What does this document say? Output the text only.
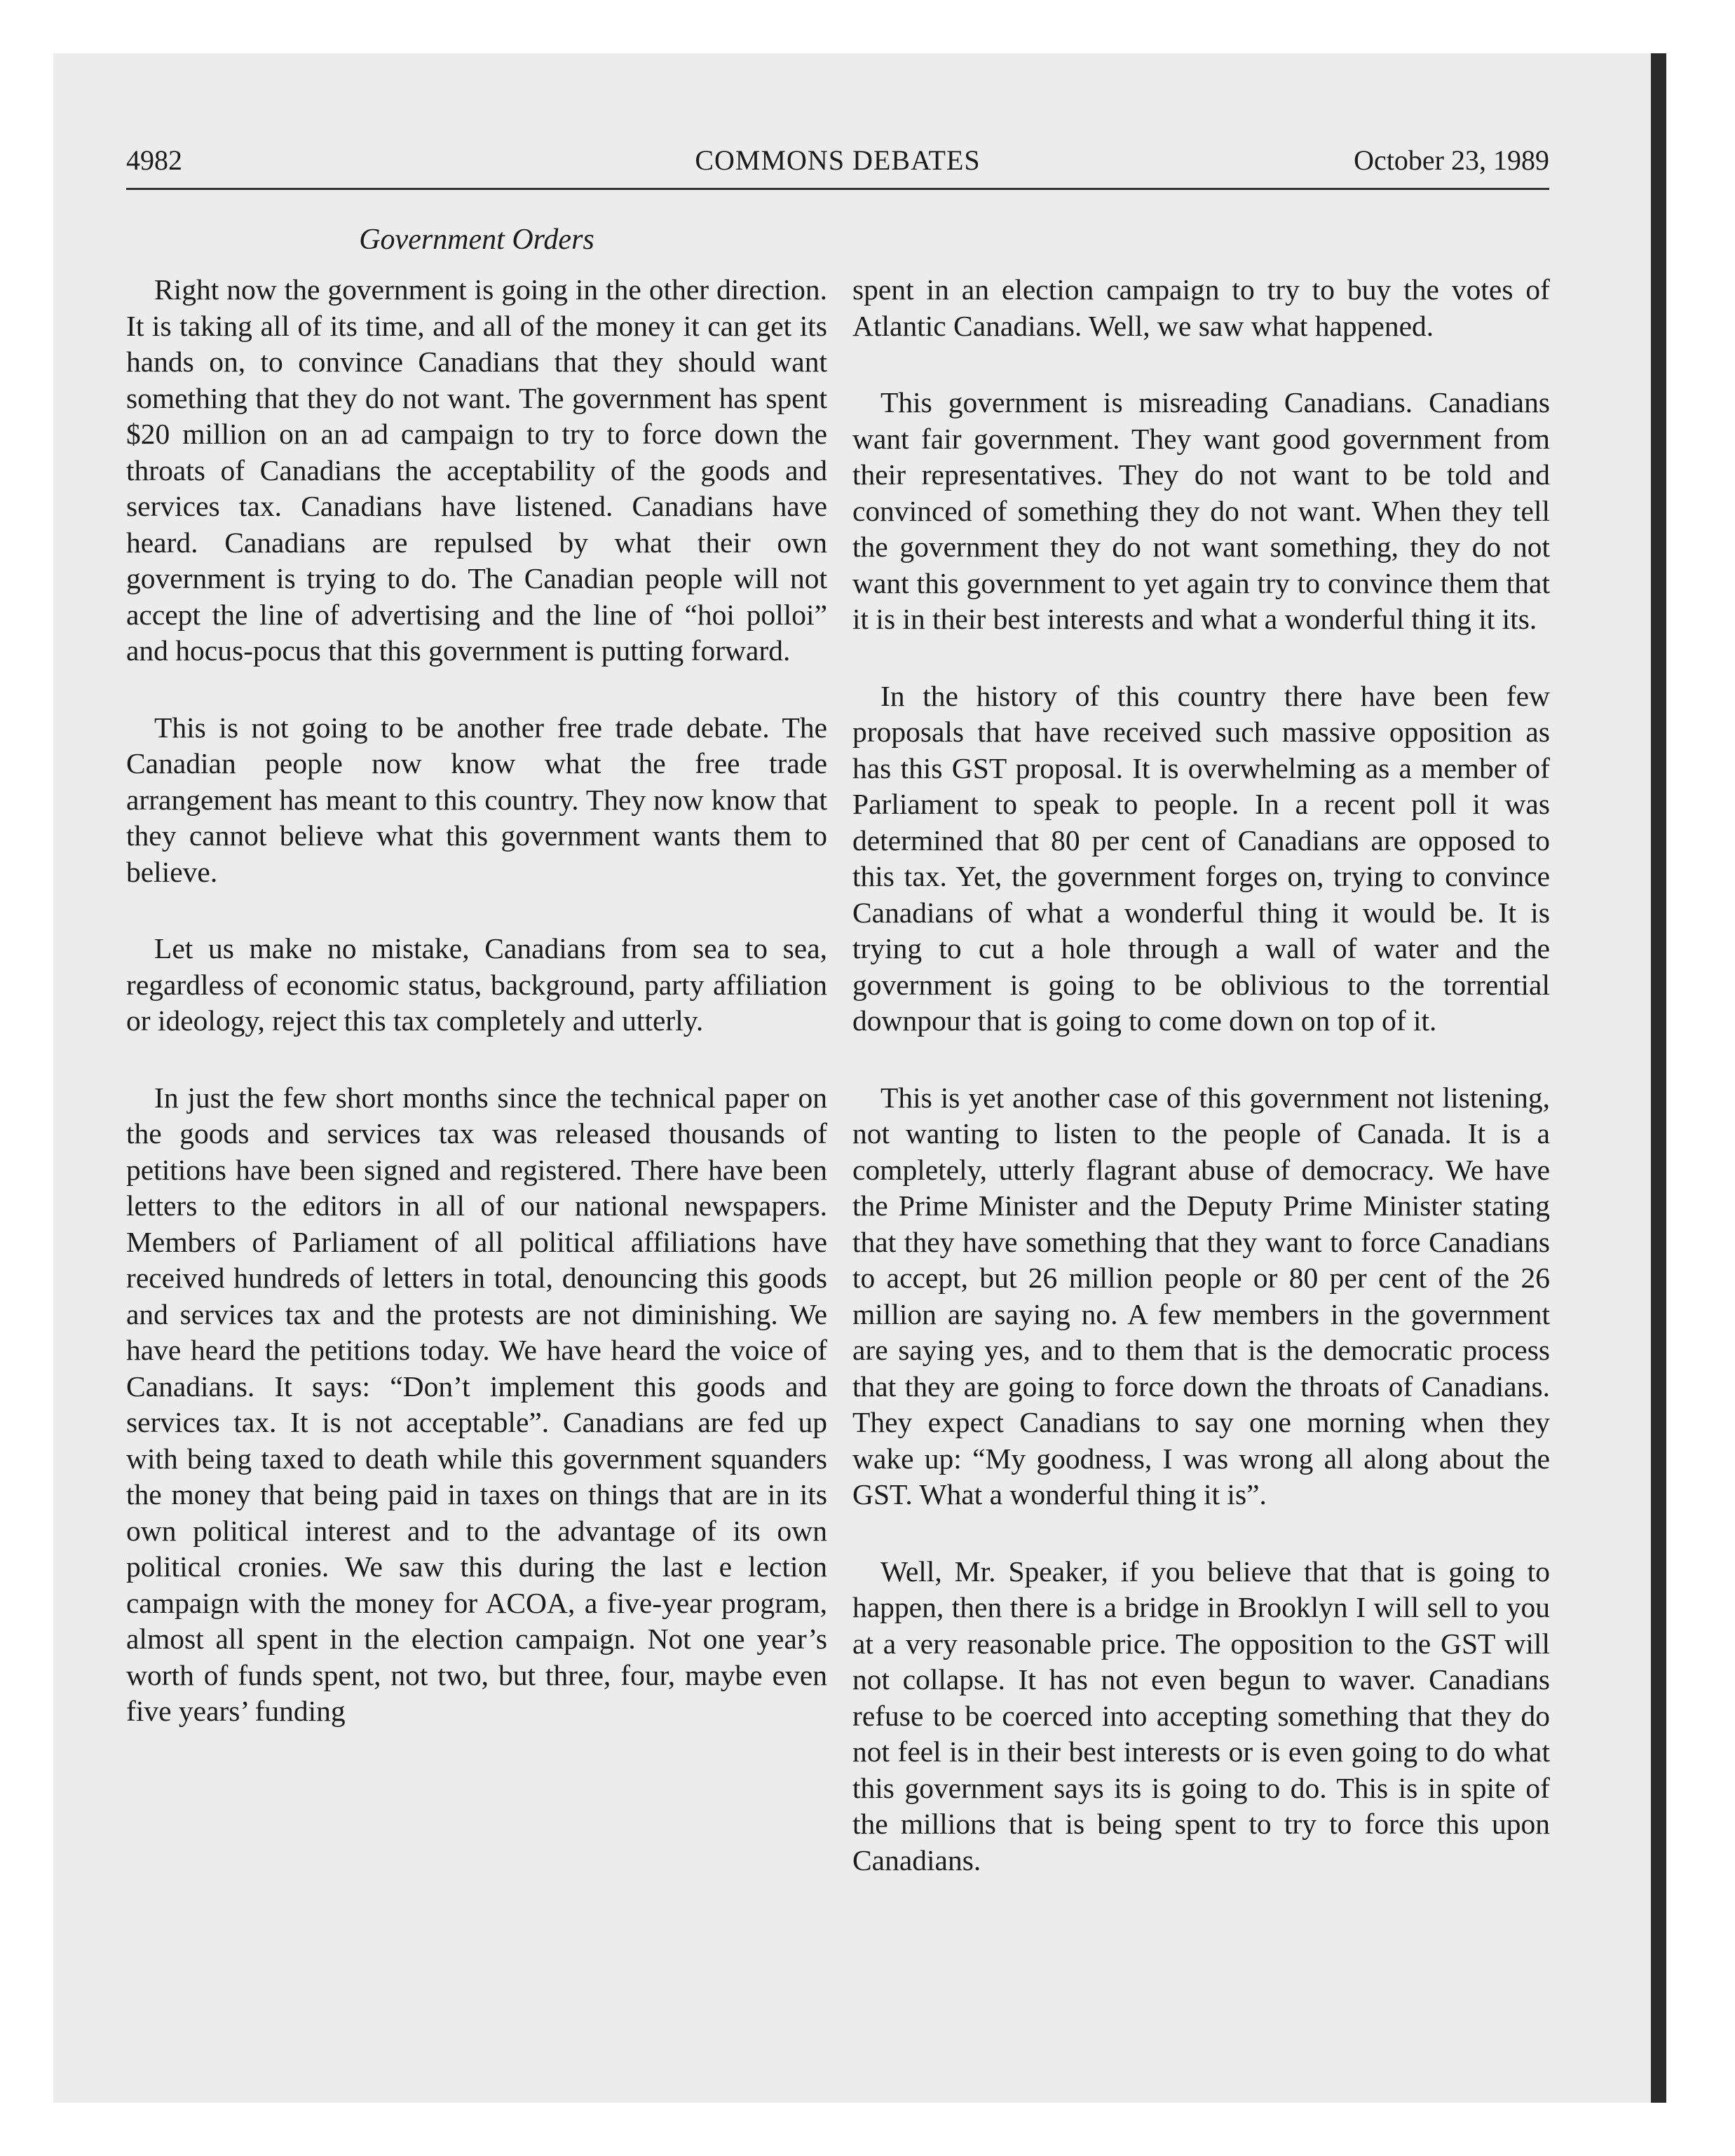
4982	COMMONS DEBATES	October 23, 1989
Government Orders

Right now the government is going in the other direction. It is taking all of its time, and all of the money it can get its hands on, to convince Canadians that they should want something that they do not want. The government has spent $20 million on an ad campaign to try to force down the throats of Canadians the acceptability of the goods and services tax. Canadians have listened. Canadians have heard. Canadians are repulsed by what their own government is trying to do. The Canadian people will not accept the line of advertising and the line of “hoi polloi” and hocus-pocus that this government is putting forward.

This is not going to be another free trade debate. The Canadian people now know what the free trade arrangement has meant to this country. They now know that they cannot believe what this government wants them to believe.

Let us make no mistake, Canadians from sea to sea, regardless of economic status, background, party affiliation or ideology, reject this tax completely and utterly.

In just the few short months since the technical paper on the goods and services tax was released thousands of petitions have been signed and registered. There have been letters to the editors in all of our national newspapers. Members of Parliament of all political affiliations have received hundreds of letters in total, denouncing this goods and services tax and the protests are not diminishing. We have heard the petitions today. We have heard the voice of Canadians. It says: “Don’t implement this goods and services tax. It is not acceptable”. Canadians are fed up with being taxed to death while this government squanders the money that being paid in taxes on things that are in its own political interest and to the advantage of its own political cronies. We saw this during the last e lection campaign with the money for ACOA, a five-year program, almost all spent in the election campaign. Not one year’s worth of funds spent, not two, but three, four, maybe even five years’ funding

spent in an election campaign to try to buy the votes of Atlantic Canadians. Well, we saw what happened.

This government is misreading Canadians. Canadians want fair government. They want good government from their representatives. They do not want to be told and convinced of something they do not want. When they tell the government they do not want something, they do not want this government to yet again try to convince them that it is in their best interests and what a wonderful thing it its.

In the history of this country there have been few proposals that have received such massive opposition as has this GST proposal. It is overwhelming as a member of Parliament to speak to people. In a recent poll it was determined that 80 per cent of Canadians are opposed to this tax. Yet, the government forges on, trying to convince Canadians of what a wonderful thing it would be. It is trying to cut a hole through a wall of water and the government is going to be oblivious to the torrential downpour that is going to come down on top of it.

This is yet another case of this government not listening, not wanting to listen to the people of Canada. It is a completely, utterly flagrant abuse of democracy. We have the Prime Minister and the Deputy Prime Minister stating that they have something that they want to force Canadians to accept, but 26 million people or 80 per cent of the 26 million are saying no. A few members in the government are saying yes, and to them that is the democratic process that they are going to force down the throats of Canadians. They expect Canadians to say one morning when they wake up: “My goodness, I was wrong all along about the GST. What a wonderful thing it is”.

Well, Mr. Speaker, if you believe that that is going to happen, then there is a bridge in Brooklyn I will sell to you at a very reasonable price. The opposition to the GST will not collapse. It has not even begun to waver. Canadians refuse to be coerced into accepting something that they do not feel is in their best interests or is even going to do what this government says its is going to do. This is in spite of the millions that is being spent to try to force this upon Canadians.
